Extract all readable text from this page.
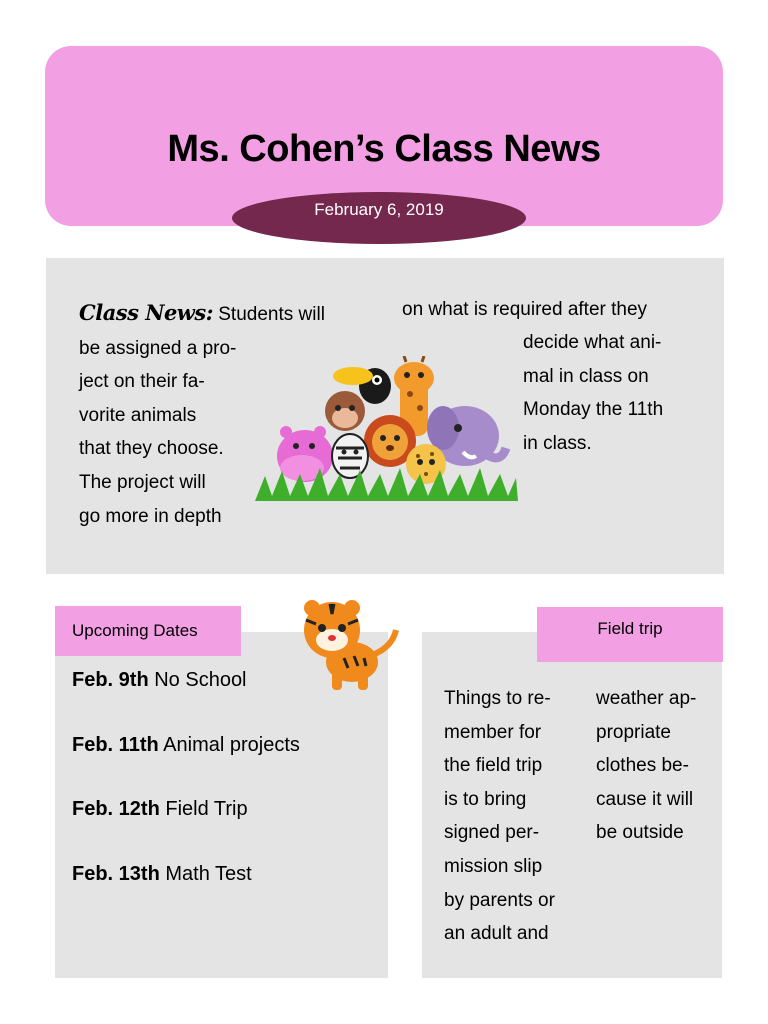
Ms. Cohen’s Class News
February 6, 2019

Class News: Students will
be assigned a pro-
ject on their fa-
vorite animals
that they choose.
The project will
go more in depth

on what is required after they

decide what ani-
mal in class on
Monday the 11th
in class.

Upcoming Dates
Feb. 9th No School
Feb. 11th Animal projects
Feb. 12th Field Trip
Feb. 13th Math Test
Field trip

Things to re-
member for
the field trip
is to bring
signed per-
mission slip
by parents or
an adult and

weather ap-
propriate
clothes be-
cause it will
be outside
